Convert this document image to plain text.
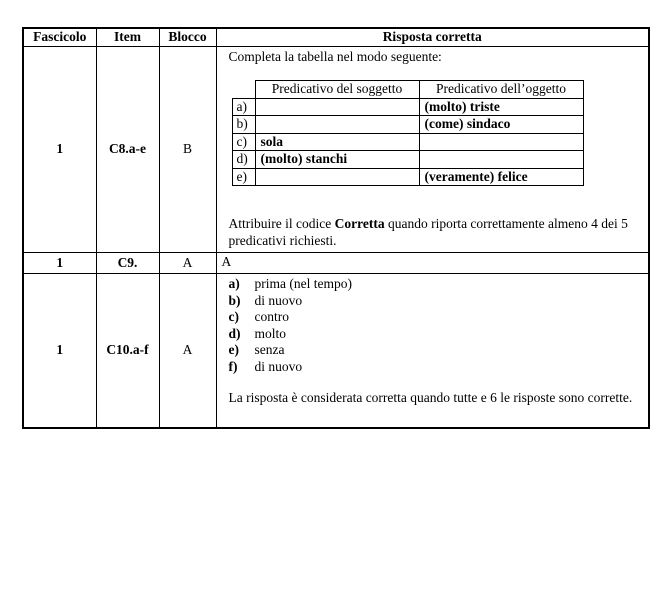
Fascicolo	Item	Blocco	Risposta corretta
1	C8.a-e	B	

Completa la tabella nel modo seguente:

	Predicativo del soggetto	Predicativo dell’oggetto
a)		(molto) triste
b)		(come) sindaco
c)	sola	
d)	(molto) stanchi	
e)		(veramente) felice

Attribuire il codice Corretta quando riporta correttamente almeno 4 dei 5 predicativi richiesti.

1	C9.	A	A
1	C10.a-f	A	
a)	prima (nel tempo)
b)	di nuovo
c)	contro
d)	molto
e)	senza
f)	di nuovo

La risposta è considerata corretta quando tutte e 6 le risposte sono corrette.
